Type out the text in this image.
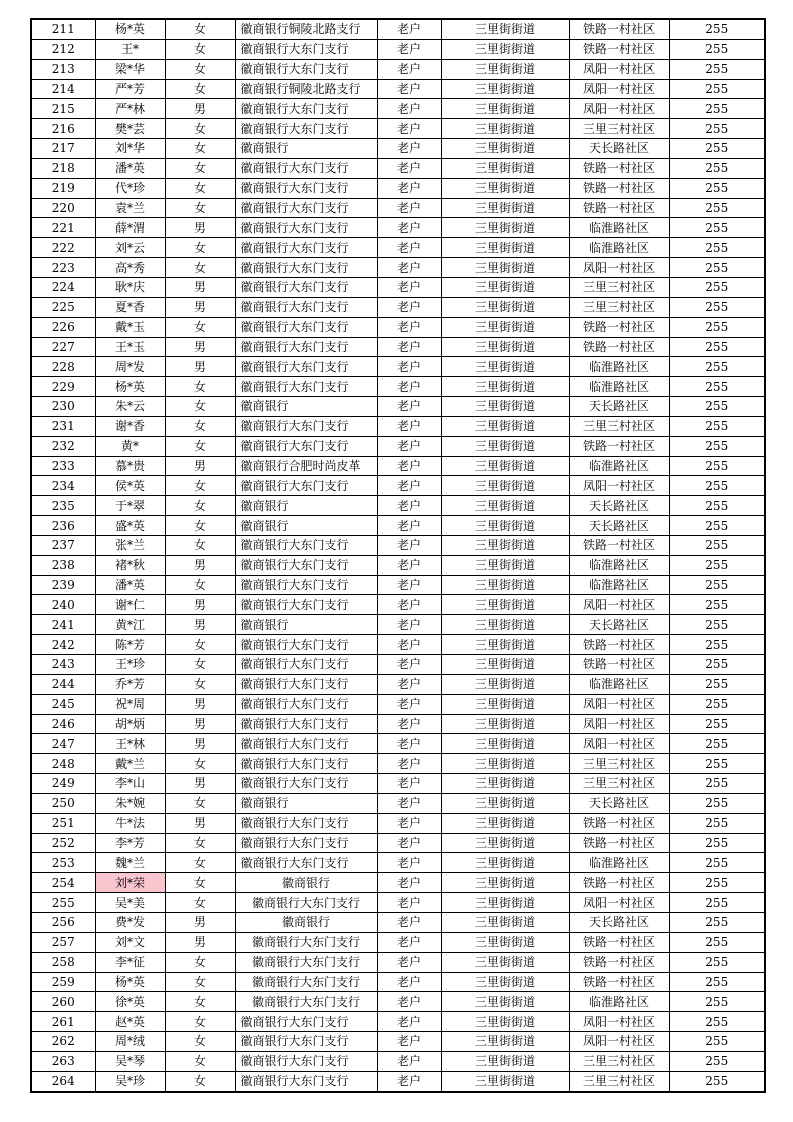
211	杨*英	女	徽商银行铜陵北路支行	老户	三里街街道	铁路一村社区	255
212	王*	女	徽商银行大东门支行	老户	三里街街道	铁路一村社区	255
213	梁*华	女	徽商银行大东门支行	老户	三里街街道	凤阳一村社区	255
214	严*芳	女	徽商银行铜陵北路支行	老户	三里街街道	凤阳一村社区	255
215	严*林	男	徽商银行大东门支行	老户	三里街街道	凤阳一村社区	255
216	樊*芸	女	徽商银行大东门支行	老户	三里街街道	三里三村社区	255
217	刘*华	女	徽商银行	老户	三里街街道	天长路社区	255
218	潘*英	女	徽商银行大东门支行	老户	三里街街道	铁路一村社区	255
219	代*珍	女	徽商银行大东门支行	老户	三里街街道	铁路一村社区	255
220	袁*兰	女	徽商银行大东门支行	老户	三里街街道	铁路一村社区	255
221	薛*渭	男	徽商银行大东门支行	老户	三里街街道	临淮路社区	255
222	刘*云	女	徽商银行大东门支行	老户	三里街街道	临淮路社区	255
223	高*秀	女	徽商银行大东门支行	老户	三里街街道	凤阳一村社区	255
224	耿*庆	男	徽商银行大东门支行	老户	三里街街道	三里三村社区	255
225	夏*香	男	徽商银行大东门支行	老户	三里街街道	三里三村社区	255
226	戴*玉	女	徽商银行大东门支行	老户	三里街街道	铁路一村社区	255
227	王*玉	男	徽商银行大东门支行	老户	三里街街道	铁路一村社区	255
228	周*发	男	徽商银行大东门支行	老户	三里街街道	临淮路社区	255
229	杨*英	女	徽商银行大东门支行	老户	三里街街道	临淮路社区	255
230	朱*云	女	徽商银行	老户	三里街街道	天长路社区	255
231	谢*香	女	徽商银行大东门支行	老户	三里街街道	三里三村社区	255
232	黄*	女	徽商银行大东门支行	老户	三里街街道	铁路一村社区	255
233	慕*贵	男	徽商银行合肥时尚皮革	老户	三里街街道	临淮路社区	255
234	侯*英	女	徽商银行大东门支行	老户	三里街街道	凤阳一村社区	255
235	于*翠	女	徽商银行	老户	三里街街道	天长路社区	255
236	盛*英	女	徽商银行	老户	三里街街道	天长路社区	255
237	张*兰	女	徽商银行大东门支行	老户	三里街街道	铁路一村社区	255
238	褚*秋	男	徽商银行大东门支行	老户	三里街街道	临淮路社区	255
239	潘*英	女	徽商银行大东门支行	老户	三里街街道	临淮路社区	255
240	谢*仁	男	徽商银行大东门支行	老户	三里街街道	凤阳一村社区	255
241	黄*江	男	徽商银行	老户	三里街街道	天长路社区	255
242	陈*芳	女	徽商银行大东门支行	老户	三里街街道	铁路一村社区	255
243	王*珍	女	徽商银行大东门支行	老户	三里街街道	铁路一村社区	255
244	乔*芳	女	徽商银行大东门支行	老户	三里街街道	临淮路社区	255
245	祝*周	男	徽商银行大东门支行	老户	三里街街道	凤阳一村社区	255
246	胡*炳	男	徽商银行大东门支行	老户	三里街街道	凤阳一村社区	255
247	王*林	男	徽商银行大东门支行	老户	三里街街道	凤阳一村社区	255
248	戴*兰	女	徽商银行大东门支行	老户	三里街街道	三里三村社区	255
249	李*山	男	徽商银行大东门支行	老户	三里街街道	三里三村社区	255
250	朱*婉	女	徽商银行	老户	三里街街道	天长路社区	255
251	牛*法	男	徽商银行大东门支行	老户	三里街街道	铁路一村社区	255
252	李*芳	女	徽商银行大东门支行	老户	三里街街道	铁路一村社区	255
253	魏*兰	女	徽商银行大东门支行	老户	三里街街道	临淮路社区	255
254	刘*荣	女	徽商银行	老户	三里街街道	铁路一村社区	255
255	吴*美	女	徽商银行大东门支行	老户	三里街街道	凤阳一村社区	255
256	费*发	男	徽商银行	老户	三里街街道	天长路社区	255
257	刘*文	男	徽商银行大东门支行	老户	三里街街道	铁路一村社区	255
258	李*征	女	徽商银行大东门支行	老户	三里街街道	铁路一村社区	255
259	杨*英	女	徽商银行大东门支行	老户	三里街街道	铁路一村社区	255
260	徐*英	女	徽商银行大东门支行	老户	三里街街道	临淮路社区	255
261	赵*英	女	徽商银行大东门支行	老户	三里街街道	凤阳一村社区	255
262	周*绒	女	徽商银行大东门支行	老户	三里街街道	凤阳一村社区	255
263	吴*琴	女	徽商银行大东门支行	老户	三里街街道	三里三村社区	255
264	吴*珍	女	徽商银行大东门支行	老户	三里街街道	三里三村社区	255
